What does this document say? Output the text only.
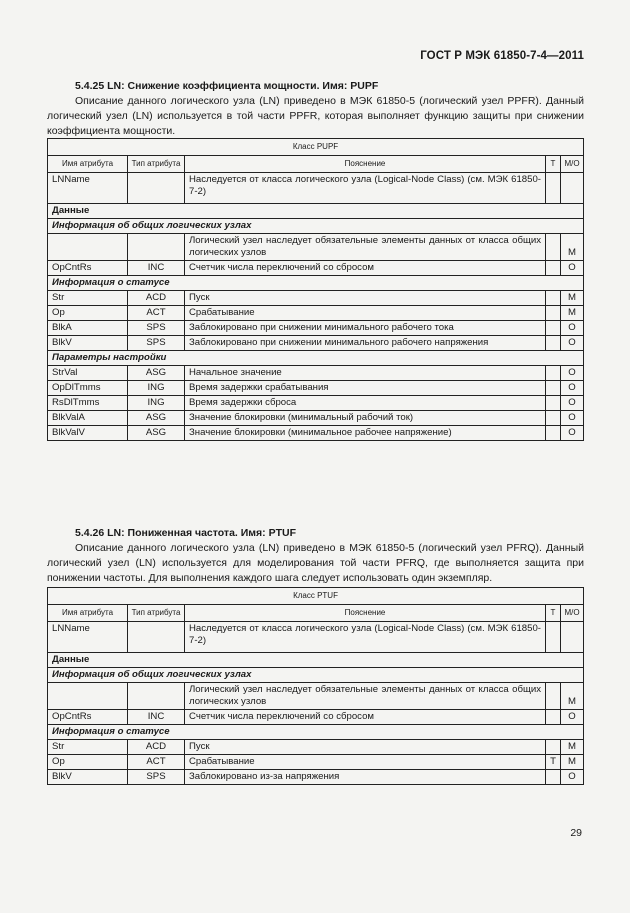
ГОСТ Р МЭК 61850-7-4—2011
5.4.25 LN: Снижение коэффициента мощности. Имя: PUPF

Описание данного логического узла (LN) приведено в МЭК 61850-5 (логический узел PPFR). Данный логический узел (LN) используется в той части PPFR, которая выполняет функцию защиты при снижении коэффициента мощности.

Класс PUPF				
Имя атрибута	Тип атрибута	Пояснение	T	М/О
LNName		Наследуется от класса логического узла (Logical-Node Class) (см. МЭК 61850-7-2)		
Данные				
Информация об общих логических узлах				
		Логический узел наследует обязательные элементы данных от класса общих логических узлов		M
OpCntRs	INC	Счетчик числа переключений со сбросом		O
Информация о статусе				
Str	ACD	Пуск		M
Op	ACT	Срабатывание		M
BlkA	SPS	Заблокировано при снижении минимального рабочего тока		O
BlkV	SPS	Заблокировано при снижении минимального рабочего напряжения		O
Параметры настройки				
StrVal	ASG	Начальное значение		O
OpDlTmms	ING	Время задержки срабатывания		O
RsDlTmms	ING	Время задержки сброса		O
BlkValA	ASG	Значение блокировки (минимальный рабочий ток)		O
BlkValV	ASG	Значение блокировки (минимальное рабочее напряжение)		O
5.4.26 LN: Пониженная частота. Имя: PTUF

Описание данного логического узла (LN) приведено в МЭК 61850-5 (логический узел PFRQ). Данный логический узел (LN) используется для моделирования той части PFRQ, где выполняется защита при понижении частоты. Для выполнения каждого шага следует использовать один экземпляр.

Класс PTUF				
Имя атрибута	Тип атрибута	Пояснение	T	М/О
LNName		Наследуется от класса логического узла (Logical-Node Class) (см. МЭК 61850-7-2)		
Данные				
Информация об общих логических узлах				
		Логический узел наследует обязательные элементы данных от класса общих логических узлов		M
OpCntRs	INC	Счетчик числа переключений со сбросом		O
Информация о статусе				
Str	ACD	Пуск		M
Op	ACT	Срабатывание	T	M
BlkV	SPS	Заблокировано из-за напряжения		O
29
